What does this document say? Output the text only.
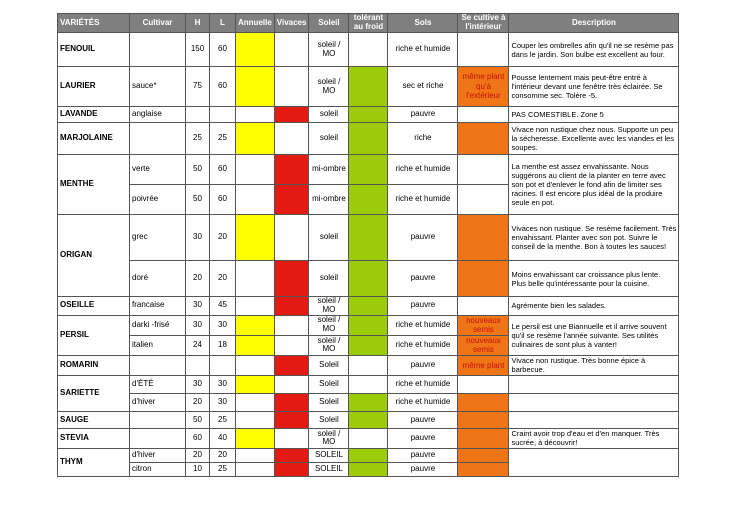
VARIÉTÉS	Cultivar	H	L	Annuelle	Vivaces	Soleil	tolérant au froid	Sols	Se cultive à l'intérieur	Description
FENOUIL		150	60			soleil / MO		riche et humide		Couper les ombrelles afin qu'il ne se resème pas dans le jardin. Son bulbe est excellent au four.
LAURIER	sauce*	75	60			soleil / MO		sec et riche	même plant qu'à l'extérieur	Pousse lentement mais peut-être entré à l'intérieur devant une fenêtre très éclairée. Se consomme sec. Tolère -5.
LAVANDE	anglaise					soleil		pauvre		PAS COMESTIBLE. Zone 5
MARJOLAINE		25	25			soleil		riche		Vivace non rustique chez nous. Supporte un peu la sécheresse. Excellente avec les viandes et les soupes.
MENTHE	verte	50	60			mi-ombre		riche et humide		La menthe est assez envahissante. Nous suggérons au client de la planter en terre avec son pot et d'enlever le fond afin de limiter ses racines. Il est encore plus idéal de la produire seule en pot.
	poivrée	50	60			mi-ombre		riche et humide		
ORIGAN	grec	30	20			soleil		pauvre		Vivaces non rustique. Se resème facilement. Très envahissant. Planter avec son pot. Suivre le conseil de la menthe. Bon à toutes les sauces!
	doré	20	20			soleil		pauvre		Moins envahissant car croissance plus lente. Plus belle qu'intéressante pour la cuisine.
OSEILLE	francaise	30	45			soleil / MO		pauvre		Agrémente bien les salades.
PERSIL	darki -frisé	30	30			soleil / MO		riche et humide	nouveaux semis	Le persil est une Biannuelle et il arrive souvent qu'il se resème l'année suivante. Ses utilités culinaires de sont plus à vanter!
	italien	24	18			soleil / MO		riche et humide	nouveaux semis	
ROMARIN						Soleil		pauvre	même plant	Vivace non rustique. Très bonne épice à barbecue.
SARIETTE	d'ÉTÉ	30	30			Soleil		riche et humide		
	d'hiver	20	30			Soleil		riche et humide		
SAUGE		50	25			Soleil		pauvre		
STEVIA		60	40			soleil / MO		pauvre		Craint avoir trop d'eau et d'en manquer. Très sucrée, à découvrir!
THYM	d'hiver	20	20			SOLEIL		pauvre		
	citron	10	25			SOLEIL		pauvre		
